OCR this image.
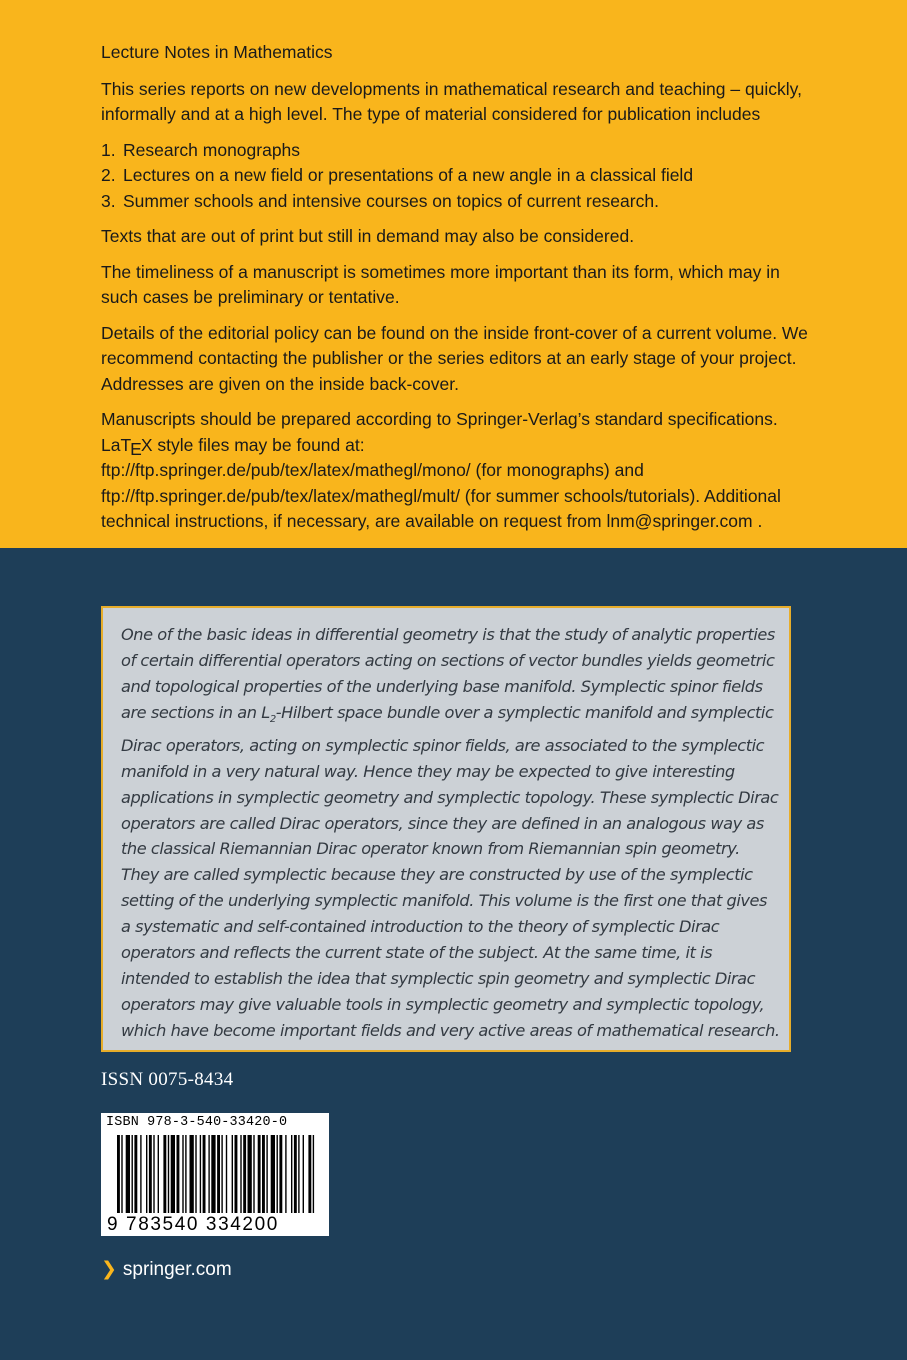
Lecture Notes in Mathematics

This series reports on new developments in mathematical research and teaching – quickly, informally and at a high level. The type of material considered for publication includes

1. Research monographs
2. Lectures on a new field or presentations of a new angle in a classical field
3. Summer schools and intensive courses on topics of current research.

Texts that are out of print but still in demand may also be considered.

The timeliness of a manuscript is sometimes more important than its form, which may in such cases be preliminary or tentative.

Details of the editorial policy can be found on the inside front-cover of a current volume. We recommend contacting the publisher or the series editors at an early stage of your project. Addresses are given on the inside back-cover.

Manuscripts should be prepared according to Springer-Verlag’s standard specifications.
LaTEX style files may be found at:
ftp://ftp.springer.de/pub/tex/latex/mathegl/mono/ (for monographs) and
ftp://ftp.springer.de/pub/tex/latex/mathegl/mult/ (for summer schools/tutorials). Additional technical instructions, if necessary, are available on request from lnm@springer.com .

One of the basic ideas in differential geometry is that the study of analytic properties of certain differential operators acting on sections of vector bundles yields geometric and topological properties of the underlying base manifold. Symplectic spinor fields are sections in an $L_2$-Hilbert space bundle over a symplectic manifold and symplectic Dirac operators, acting on symplectic spinor fields, are associated to the symplectic manifold in a very natural way. Hence they may be expected to give interesting applications in symplectic geometry and symplectic topology. These symplectic Dirac operators are called Dirac operators, since they are defined in an analogous way as the classical Riemannian Dirac operator known from Riemannian spin geometry. They are called symplectic because they are constructed by use of the symplectic setting of the underlying symplectic manifold. This volume is the first one that gives a systematic and self-contained introduction to the theory of symplectic Dirac operators and reflects the current state of the subject. At the same time, it is intended to establish the idea that symplectic spin geometry and symplectic Dirac operators may give valuable tools in symplectic geometry and symplectic topology, which have become important fields and very active areas of mathematical research.
ISSN 0075-8434
ISBN 978-3-540-33420-0
9 783540 334200
❯ springer.com
